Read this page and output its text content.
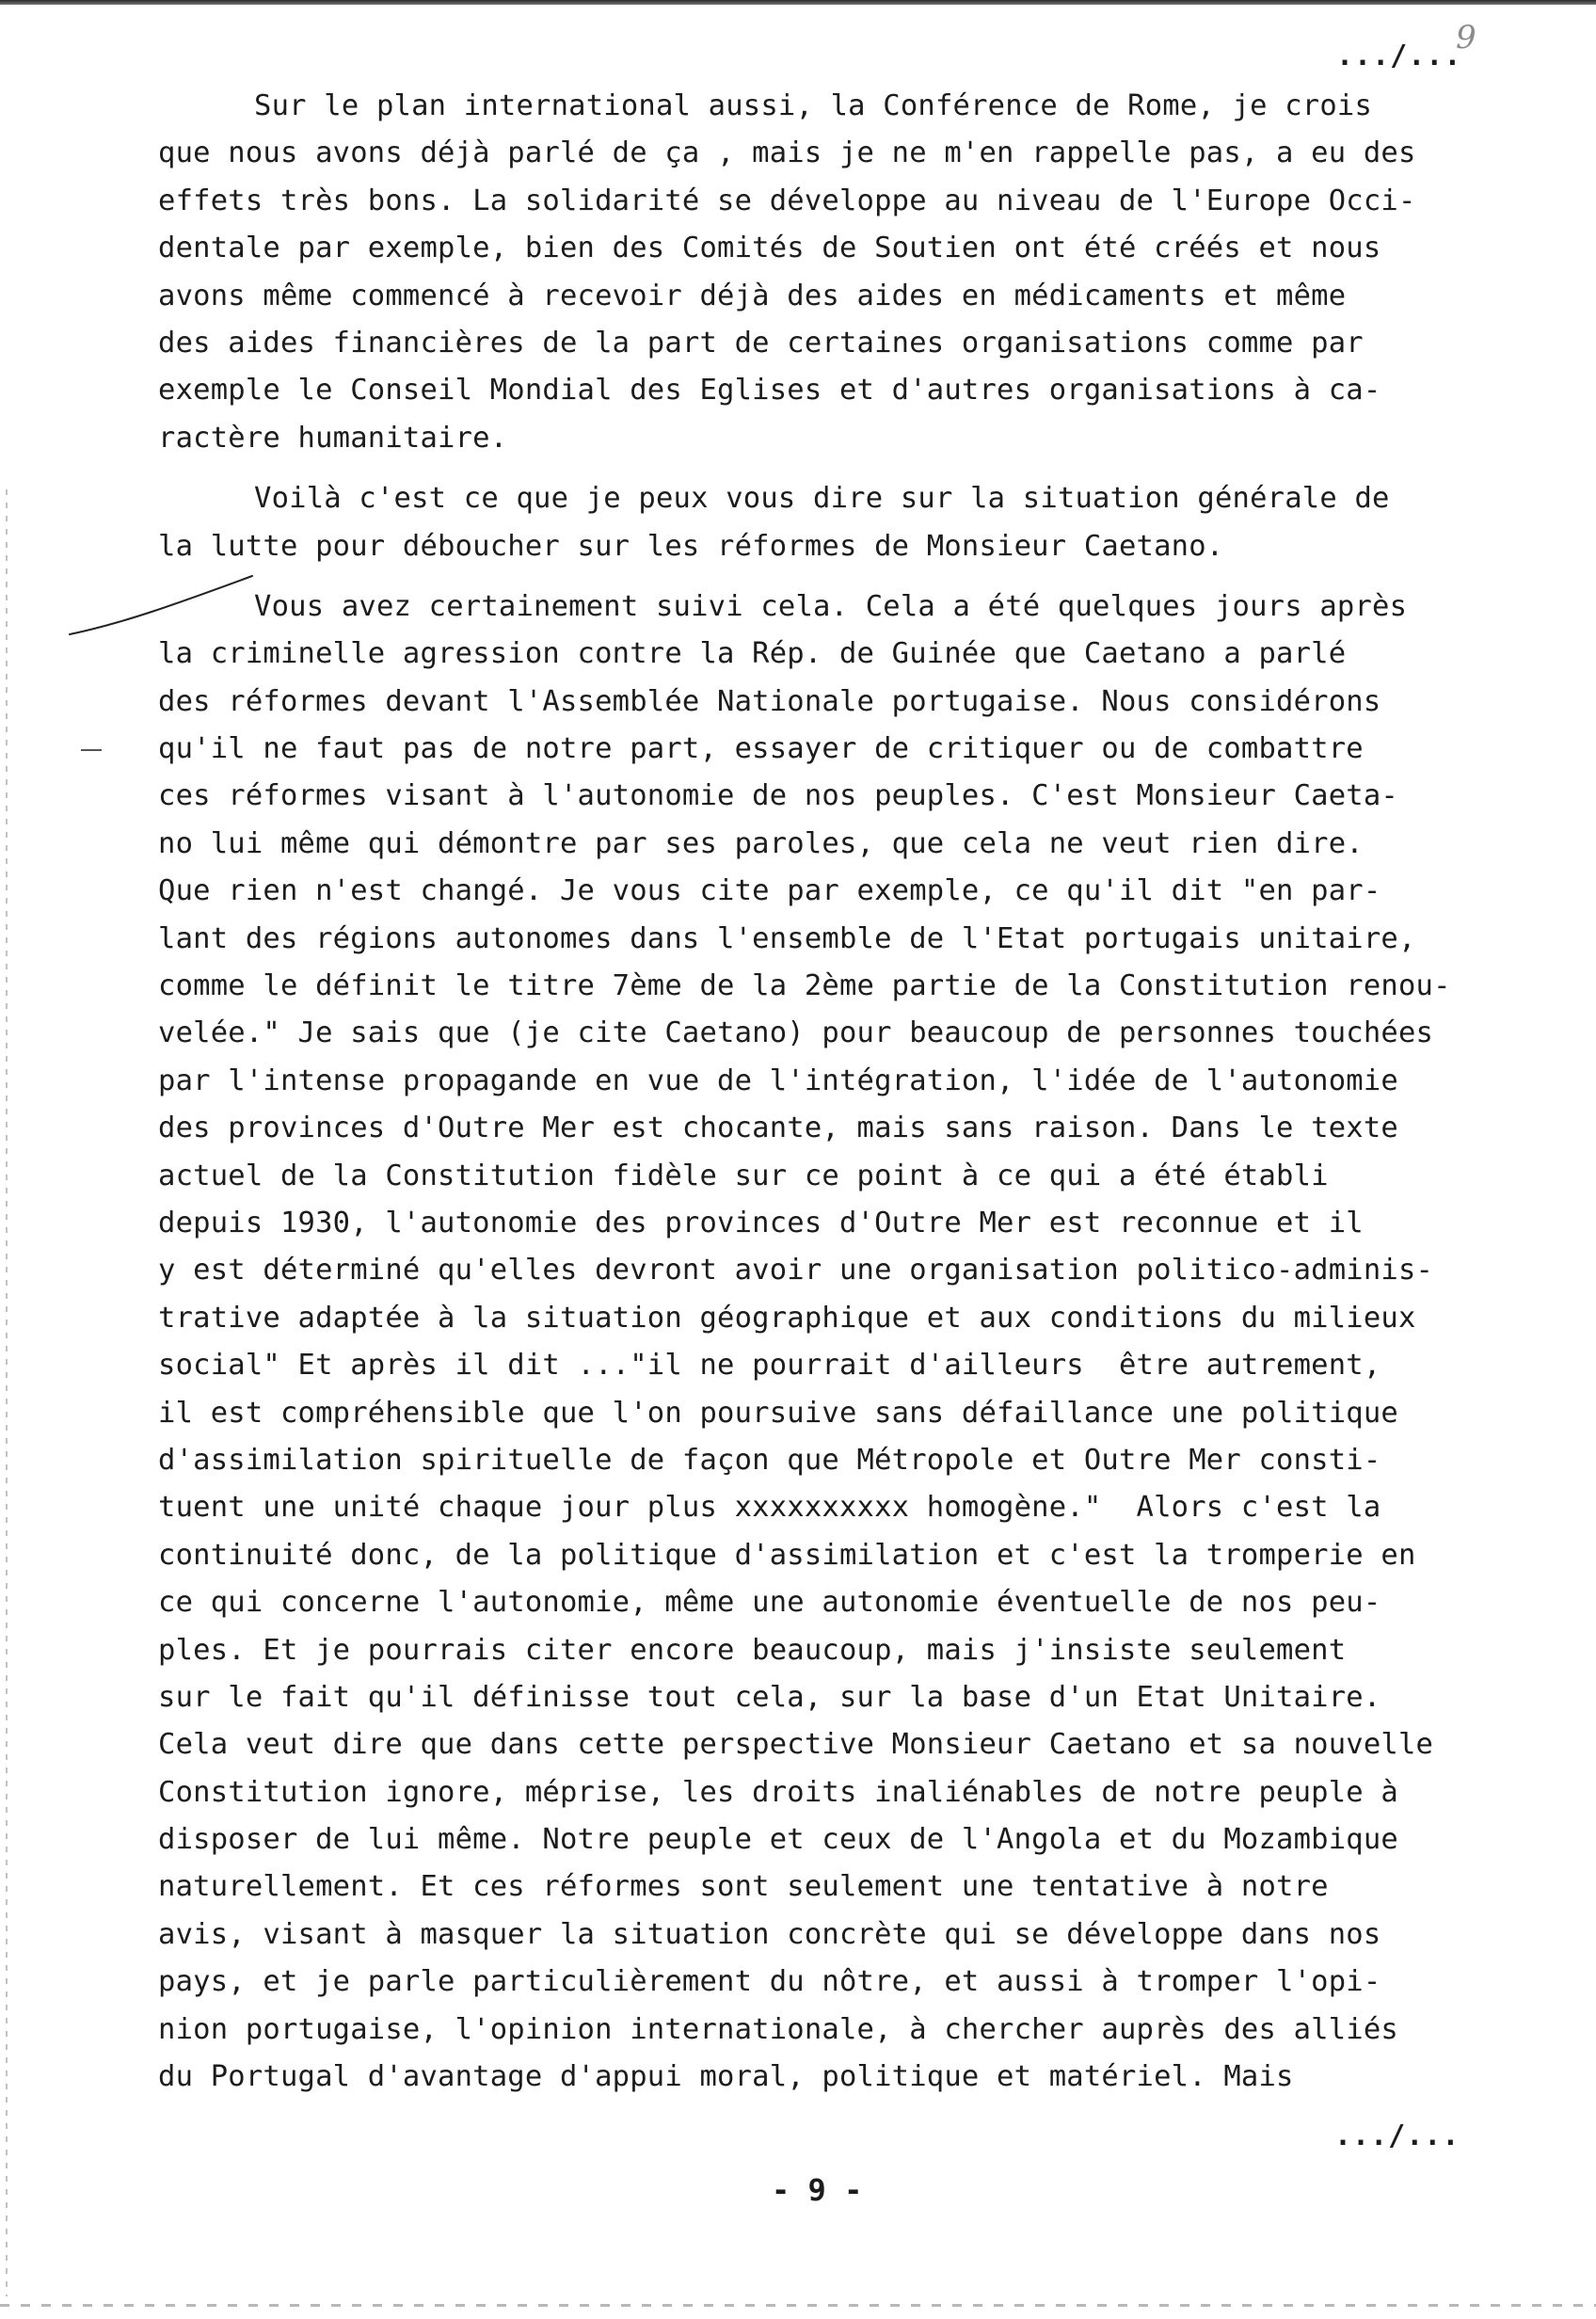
9
.../...
Sur le plan international aussi, la Conférence de Rome, je crois
que nous avons déjà parlé de ça , mais je ne m'en rappelle pas, a eu des
effets très bons. La solidarité se développe au niveau de l'Europe Occi-
dentale par exemple, bien des Comités de Soutien ont été créés et nous
avons même commencé à recevoir déjà des aides en médicaments et même
des aides financières de la part de certaines organisations comme par
exemple le Conseil Mondial des Eglises et d'autres organisations à ca-
ractère humanitaire.
Voilà c'est ce que je peux vous dire sur la situation générale de
la lutte pour déboucher sur les réformes de Monsieur Caetano.
Vous avez certainement suivi cela. Cela a été quelques jours après
la criminelle agression contre la Rép. de Guinée que Caetano a parlé
des réformes devant l'Assemblée Nationale portugaise. Nous considérons
qu'il ne faut pas de notre part, essayer de critiquer ou de combattre
ces réformes visant à l'autonomie de nos peuples. C'est Monsieur Caeta-
no lui même qui démontre par ses paroles, que cela ne veut rien dire.
Que rien n'est changé. Je vous cite par exemple, ce qu'il dit "en par-
lant des régions autonomes dans l'ensemble de l'Etat portugais unitaire,
comme le définit le titre 7ème de la 2ème partie de la Constitution renou-
velée." Je sais que (je cite Caetano) pour beaucoup de personnes touchées
par l'intense propagande en vue de l'intégration, l'idée de l'autonomie
des provinces d'Outre Mer est chocante, mais sans raison. Dans le texte
actuel de la Constitution fidèle sur ce point à ce qui a été établi
depuis 1930, l'autonomie des provinces d'Outre Mer est reconnue et il
y est déterminé qu'elles devront avoir une organisation politico-adminis-
trative adaptée à la situation géographique et aux conditions du milieux
social" Et après il dit ..."il ne pourrait d'ailleurs  être autrement,
il est compréhensible que l'on poursuive sans défaillance une politique
d'assimilation spirituelle de façon que Métropole et Outre Mer consti-
tuent une unité chaque jour plus xxxxxxxxxx homogène."  Alors c'est la
continuité donc, de la politique d'assimilation et c'est la tromperie en
ce qui concerne l'autonomie, même une autonomie éventuelle de nos peu-
ples. Et je pourrais citer encore beaucoup, mais j'insiste seulement
sur le fait qu'il définisse tout cela, sur la base d'un Etat Unitaire.
Cela veut dire que dans cette perspective Monsieur Caetano et sa nouvelle
Constitution ignore, méprise, les droits inaliénables de notre peuple à
disposer de lui même. Notre peuple et ceux de l'Angola et du Mozambique
naturellement. Et ces réformes sont seulement une tentative à notre
avis, visant à masquer la situation concrète qui se développe dans nos
pays, et je parle particulièrement du nôtre, et aussi à tromper l'opi-
nion portugaise, l'opinion internationale, à chercher auprès des alliés
du Portugal d'avantage d'appui moral, politique et matériel. Mais
.../...
- 9 -
